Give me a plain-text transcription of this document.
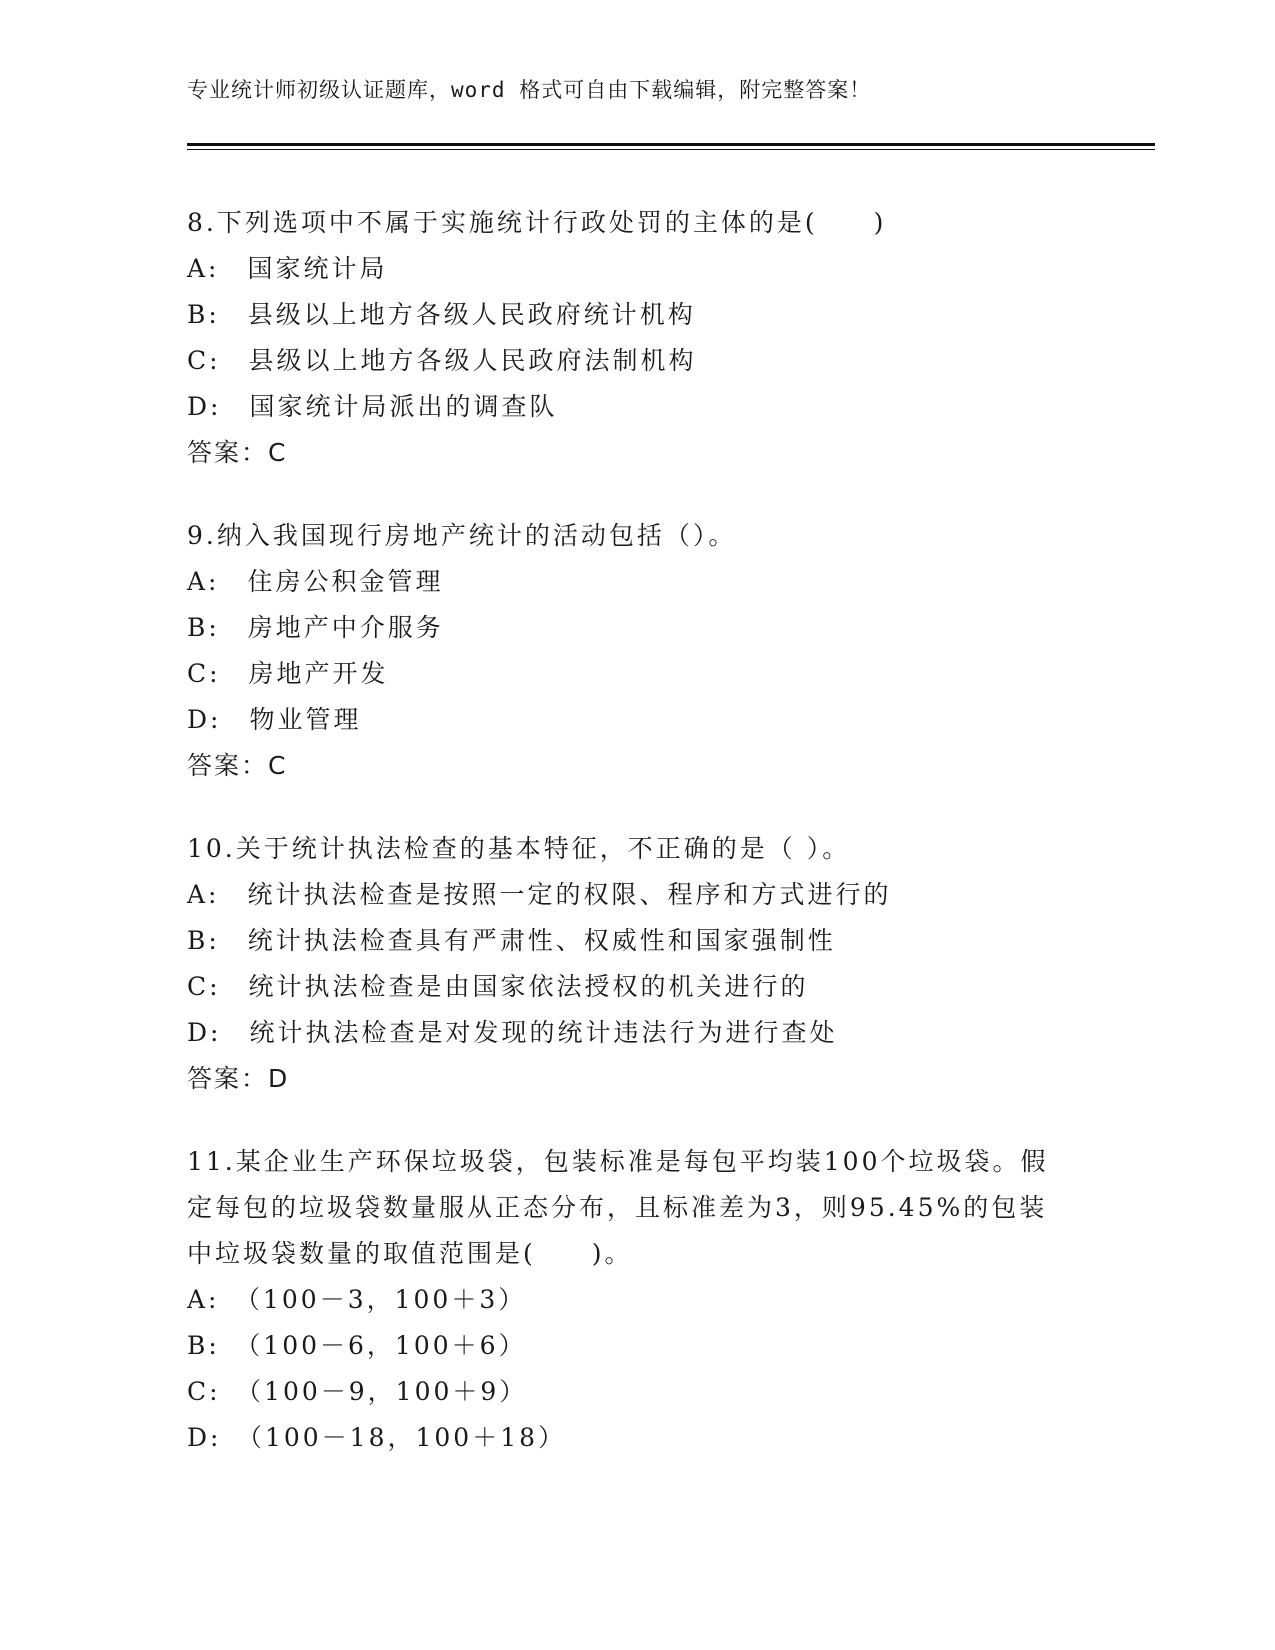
专业统计师初级认证题库，word 格式可自由下载编辑，附完整答案！
8.下列选项中不属于实施统计行政处罚的主体的是(　　)
A:　国家统计局
B:　县级以上地方各级人民政府统计机构
C:　县级以上地方各级人民政府法制机构
D:　国家统计局派出的调查队
答案：C
9.纳入我国现行房地产统计的活动包括（）。
A:　住房公积金管理
B:　房地产中介服务
C:　房地产开发
D:　物业管理
答案：C
10.关于统计执法检查的基本特征，不正确的是（ ）。
A:　统计执法检查是按照一定的权限、程序和方式进行的
B:　统计执法检查具有严肃性、权威性和国家强制性
C:　统计执法检查是由国家依法授权的机关进行的
D:　统计执法检查是对发现的统计违法行为进行查处
答案：D
11.某企业生产环保垃圾袋，包装标准是每包平均装100个垃圾袋。假
定每包的垃圾袋数量服从正态分布，且标准差为3，则95.45%的包装
中垃圾袋数量的取值范围是(　　)。
A:　（100－3，100＋3）
B:　（100－6，100＋6）
C:　（100－9，100＋9）
D:　（100－18，100＋18）
